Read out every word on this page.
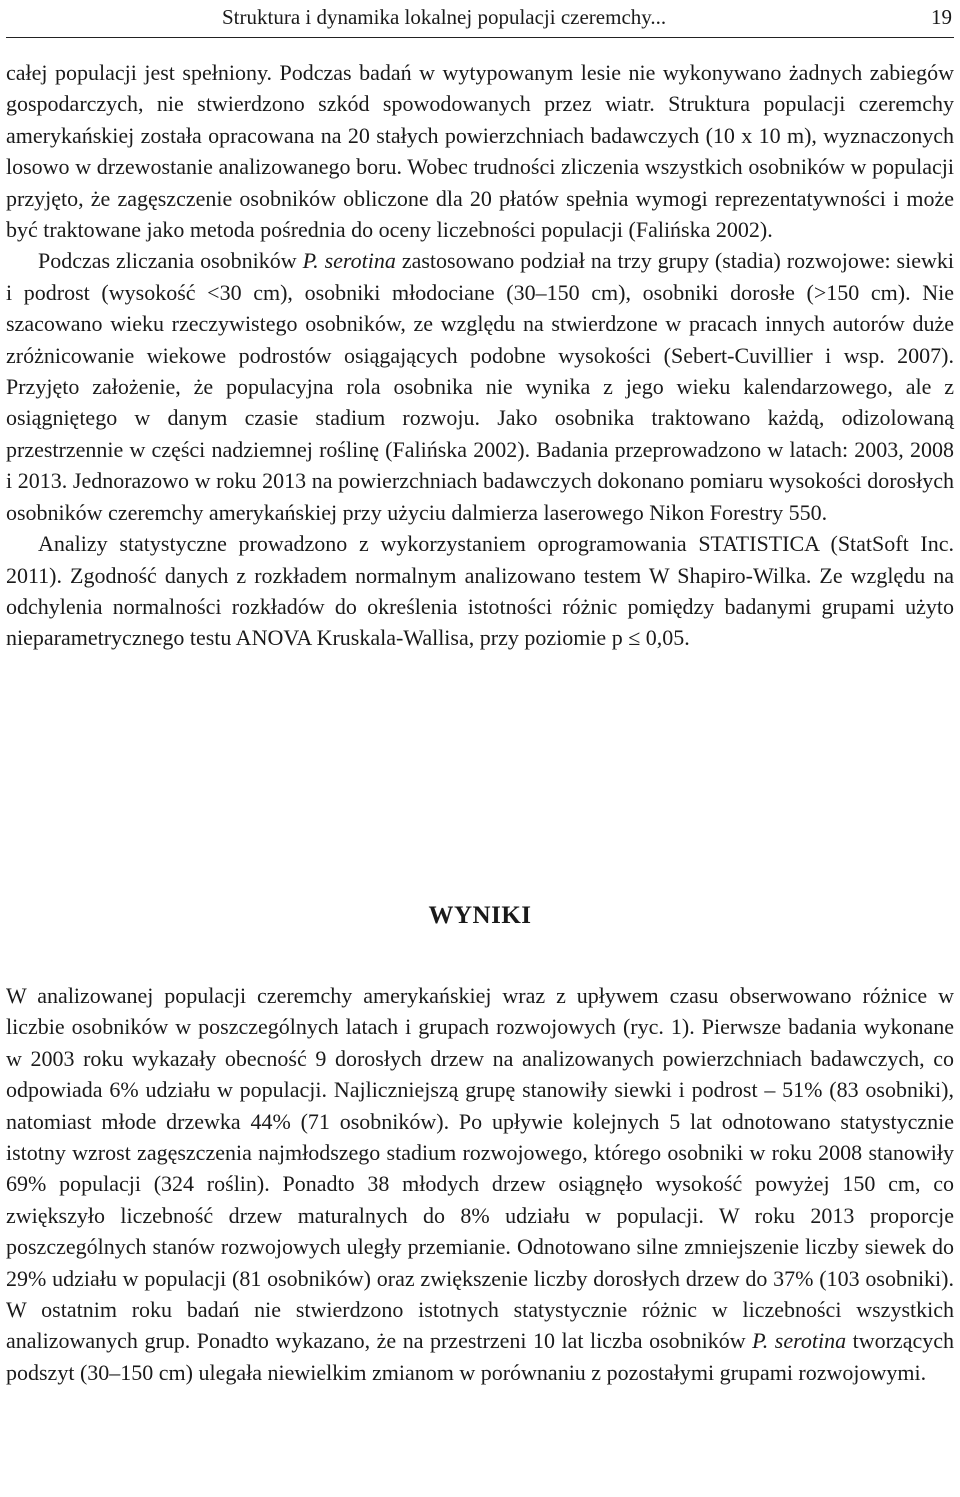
Struktura i dynamika lokalnej populacji czeremchy...	19

całej populacji jest spełniony. Podczas badań w wytypowanym lesie nie wykonywano żadnych zabiegów gospodarczych, nie stwierdzono szkód spowodowanych przez wiatr. Struktura populacji czeremchy amerykańskiej została opracowana na 20 stałych powierzchniach badawczych (10 x 10 m), wyznaczonych losowo w drzewostanie analizowanego boru. Wobec trudności zliczenia wszystkich osobników w populacji przyjęto, że zagęszczenie osobników obliczone dla 20 płatów spełnia wymogi reprezentatywności i może być traktowane jako metoda pośrednia do oceny liczebności populacji (Falińska 2002).

Podczas zliczania osobników P. serotina zastosowano podział na trzy grupy (stadia) rozwojowe: siewki i podrost (wysokość <30 cm), osobniki młodociane (30–150 cm), osobniki dorosłe (>150 cm). Nie szacowano wieku rzeczywistego osobników, ze względu na stwierdzone w pracach innych autorów duże zróżnicowanie wiekowe podrostów osiągających podobne wysokości (Sebert-Cuvillier i wsp. 2007). Przyjęto założenie, że populacyjna rola osobnika nie wynika z jego wieku kalendarzowego, ale z osiągniętego w danym czasie stadium rozwoju. Jako osobnika traktowano każdą, odizolowaną przestrzennie w części nadziemnej roślinę (Falińska 2002). Badania przeprowadzono w latach: 2003, 2008 i 2013. Jednorazowo w roku 2013 na powierzchniach badawczych dokonano pomiaru wysokości dorosłych osobników czeremchy amerykańskiej przy użyciu dalmierza laserowego Nikon Forestry 550.

Analizy statystyczne prowadzono z wykorzystaniem oprogramowania STATISTICA (StatSoft Inc. 2011). Zgodność danych z rozkładem normalnym analizowano testem W Shapiro-Wilka. Ze względu na odchylenia normalności rozkładów do określenia istotności różnic pomiędzy badanymi grupami użyto nieparametrycznego testu ANOVA Kruskala-Wallisa, przy poziomie p ≤ 0,05.

WYNIKI

W analizowanej populacji czeremchy amerykańskiej wraz z upływem czasu obserwowano różnice w liczbie osobników w poszczególnych latach i grupach rozwojowych (ryc. 1). Pierwsze badania wykonane w 2003 roku wykazały obecność 9 dorosłych drzew na analizowanych powierzchniach badawczych, co odpowiada 6% udziału w populacji. Najliczniejszą grupę stanowiły siewki i podrost – 51% (83 osobniki), natomiast młode drzewka 44% (71 osobników). Po upływie kolejnych 5 lat odnotowano statystycznie istotny wzrost zagęszczenia najmłodszego stadium rozwojowego, którego osobniki w roku 2008 stanowiły 69% populacji (324 roślin). Ponadto 38 młodych drzew osiągnęło wysokość powyżej 150 cm, co zwiększyło liczebność drzew maturalnych do 8% udziału w populacji. W roku 2013 proporcje poszczególnych stanów rozwojowych uległy przemianie. Odnotowano silne zmniejszenie liczby siewek do 29% udziału w populacji (81 osobników) oraz zwiększenie liczby dorosłych drzew do 37% (103 osobniki). W ostatnim roku badań nie stwierdzono istotnych statystycznie różnic w liczebności wszystkich analizowanych grup. Ponadto wykazano, że na przestrzeni 10 lat liczba osobników P. serotina tworzących podszyt (30–150 cm) ulegała niewielkim zmianom w porównaniu z pozostałymi grupami rozwojowymi.
